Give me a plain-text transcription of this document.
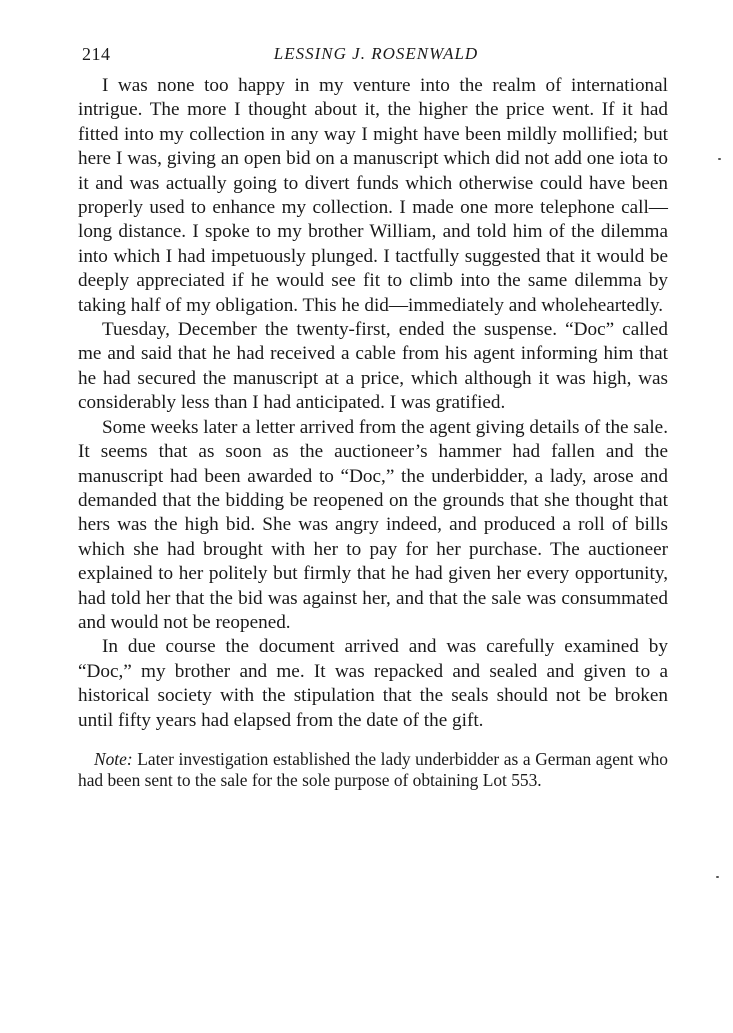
214	LESSING J. ROSENWALD

I was none too happy in my venture into the realm of international intrigue. The more I thought about it, the higher the price went. If it had fitted into my collection in any way I might have been mildly mollified; but here I was, giving an open bid on a manuscript which did not add one iota to it and was actually going to divert funds which otherwise could have been properly used to enhance my collection. I made one more telephone call—long distance. I spoke to my brother William, and told him of the dilemma into which I had impetuously plunged. I tactfully suggested that it would be deeply appreciated if he would see fit to climb into the same dilemma by taking half of my obligation. This he did—immediately and wholeheartedly.

Tuesday, December the twenty-first, ended the suspense. “Doc” called me and said that he had received a cable from his agent informing him that he had secured the manuscript at a price, which although it was high, was considerably less than I had anticipated. I was gratified.

Some weeks later a letter arrived from the agent giving details of the sale. It seems that as soon as the auctioneer’s hammer had fallen and the manuscript had been awarded to “Doc,” the underbidder, a lady, arose and demanded that the bidding be reopened on the grounds that she thought that hers was the high bid. She was angry indeed, and produced a roll of bills which she had brought with her to pay for her purchase. The auctioneer explained to her politely but firmly that he had given her every opportunity, had told her that the bid was against her, and that the sale was consummated and would not be reopened.

In due course the document arrived and was carefully examined by “Doc,” my brother and me. It was repacked and sealed and given to a historical society with the stipulation that the seals should not be broken until fifty years had elapsed from the date of the gift.

Note: Later investigation established the lady underbidder as a German agent who had been sent to the sale for the sole purpose of obtaining Lot 553.
